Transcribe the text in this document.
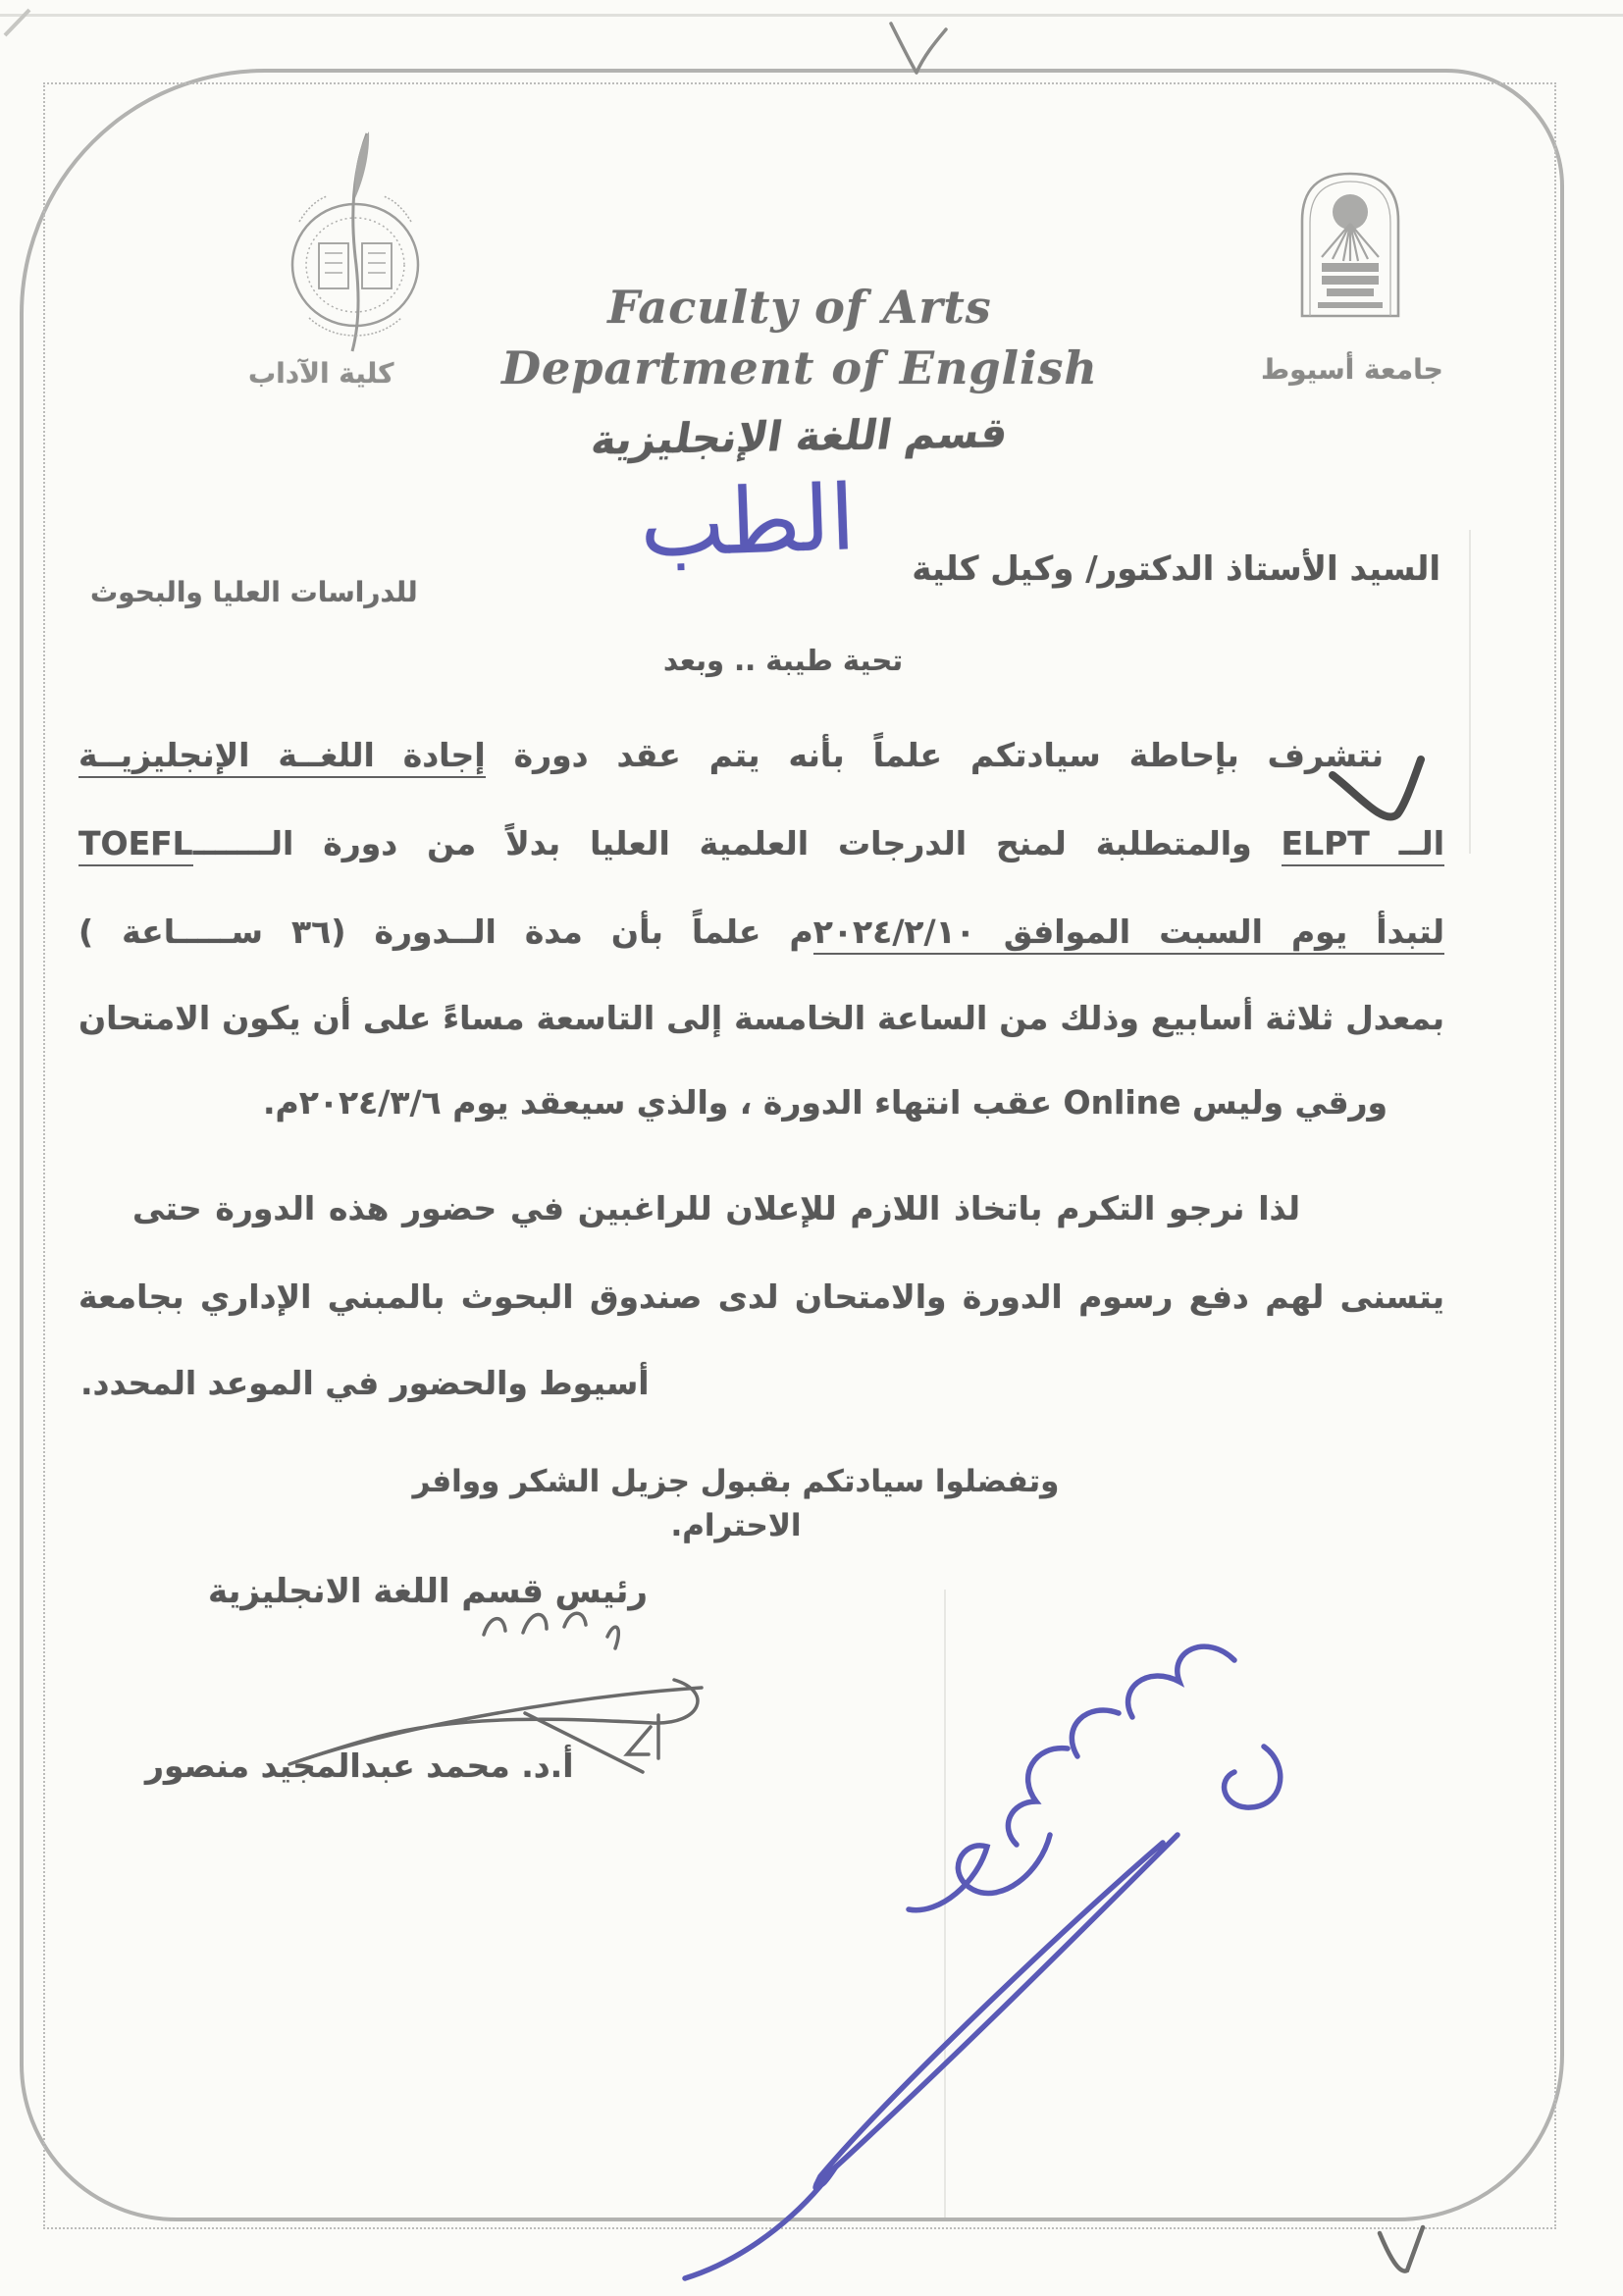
كلية الآداب	جامعة أسيوط
Faculty of Arts
Department of English
قسم اللغة الإنجليزية
السيد الأستاذ الدكتور/ وكيل كلية
الطب
للدراسات العليا والبحوث
تحية طيبة .. وبعد
نتشرف بإحاطة سيادتكم علماً بأنه يتم عقد دورة إجادة اللغــة الإنجليزيــة
الــ ELPT والمتطلبة لمنح الدرجات العلمية العليا بدلاً من دورة الـــــــTOEFL
لتبدأ يوم السبت الموافق ٢٠٢٤/٢/١٠م علماً بأن مدة الــدورة (٣٦ ســـــاعة )
بمعدل ثلاثة أسابيع وذلك من الساعة الخامسة إلى التاسعة مساءً على أن يكون الامتحان
ورقي وليس Online عقب انتهاء الدورة ، والذي سيعقد يوم ٢٠٢٤/٣/٦م.
لذا نرجو التكرم باتخاذ اللازم للإعلان للراغبين في حضور هذه الدورة حتى
يتسنى لهم دفع رسوم الدورة والامتحان لدى صندوق البحوث بالمبني الإداري بجامعة
أسيوط والحضور في الموعد المحدد.
وتفضلوا سيادتكم بقبول جزيل الشكر ووافر الاحترام.
رئيس قسم اللغة الانجليزية
أ.د. محمد عبدالمجيد منصور
